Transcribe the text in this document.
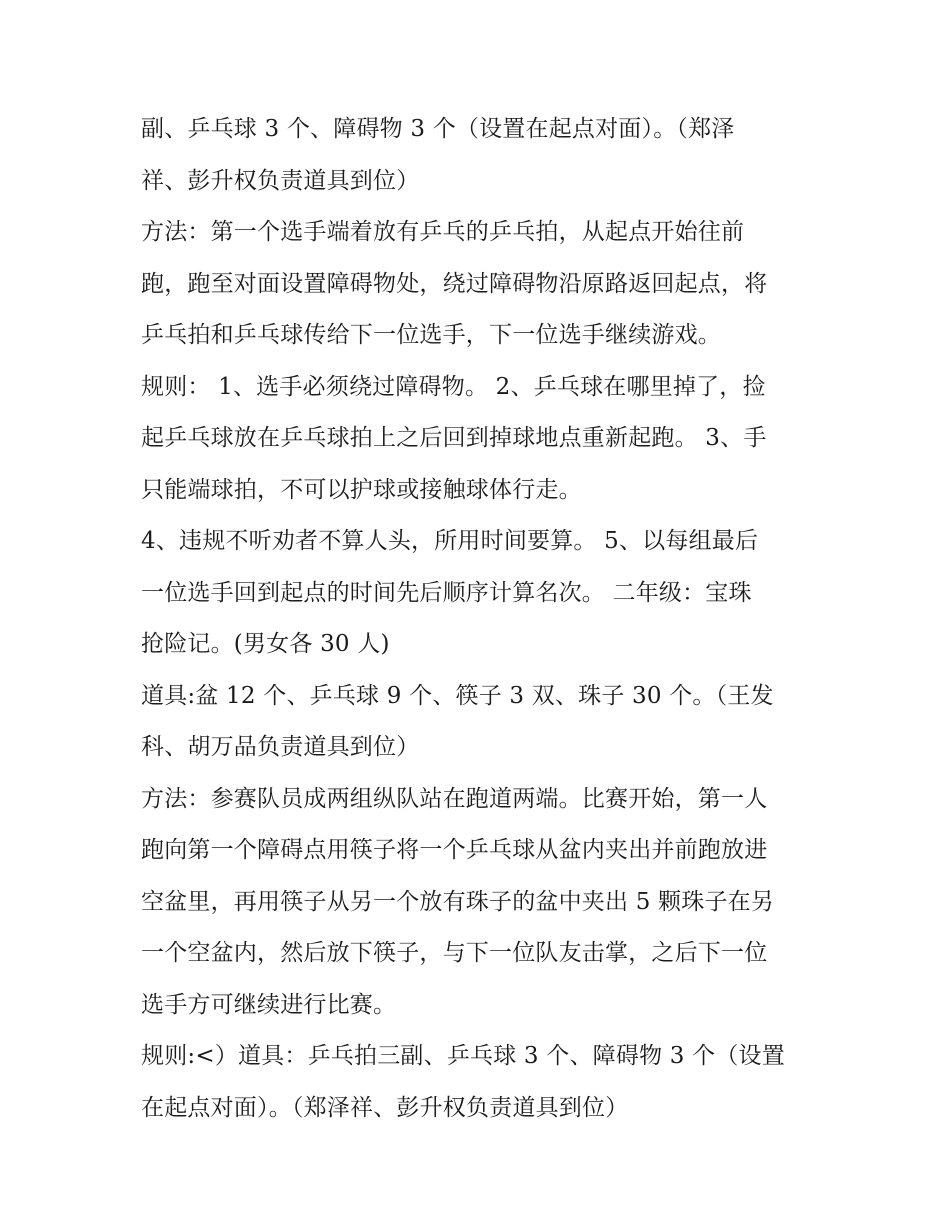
副、乒乓球 3 个、障碍物 3 个（设置在起点对面）。（郑泽
祥、彭升权负责道具到位）
方法：第一个选手端着放有乒乓的乒乓拍，从起点开始往前
跑，跑至对面设置障碍物处，绕过障碍物沿原路返回起点，将
乒乓拍和乒乓球传给下一位选手，下一位选手继续游戏。
规则： 1、选手必须绕过障碍物。 2、乒乓球在哪里掉了，捡
起乒乓球放在乒乓球拍上之后回到掉球地点重新起跑。 3、手
只能端球拍，不可以护球或接触球体行走。
4、违规不听劝者不算人头，所用时间要算。 5、以每组最后
一位选手回到起点的时间先后顺序计算名次。 二年级：宝珠
抢险记。(男女各 30 人)
道具:盆 12 个、乒乓球 9 个、筷子 3 双、珠子 30 个。（王发
科、胡万品负责道具到位）
方法：参赛队员成两组纵队站在跑道两端。比赛开始，第一人
跑向第一个障碍点用筷子将一个乒乓球从盆内夹出并前跑放进
空盆里，再用筷子从另一个放有珠子的盆中夹出 5 颗珠子在另
一个空盆内，然后放下筷子，与下一位队友击掌，之后下一位
选手方可继续进行比赛。
规则:<）道具：乒乓拍三副、乒乓球 3 个、障碍物 3 个（设置
在起点对面）。（郑泽祥、彭升权负责道具到位）
